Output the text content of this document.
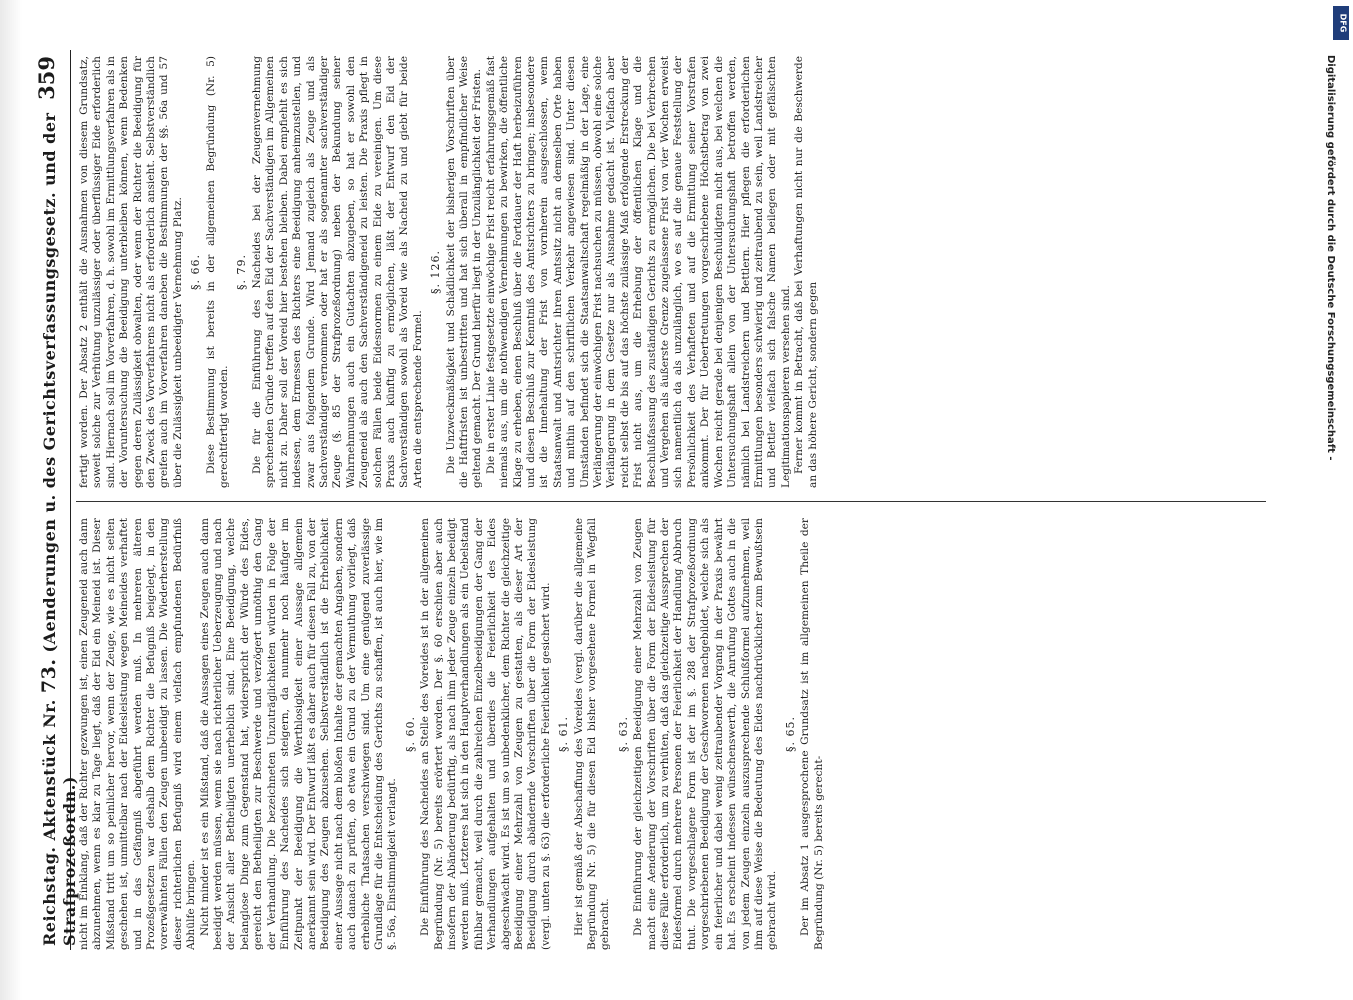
Reichstag. Aktenstück Nr. 73. (Aenderungen u. des Gerichtsverfassungsgesetz. und der Strafprozeßordn.)
359

nicht im Einklang, daß der Richter gezwungen ist, einen Zeugeneid auch dann abzunehmen, wenn es klar zu Tage liegt, daß der Eid ein Meineid ist. Dieser Mißstand tritt um so peinlicher hervor, wenn der Zeuge, wie es nicht selten geschehen ist, unmittelbar nach der Eidesleistung wegen Meineides verhaftet und in das Gefängniß abgeführt werden muß. In mehreren älteren Prozeßgesetzen war deshalb dem Richter die Befugniß beigelegt, in den vorerwähnten Fällen den Zeugen unbeeidigt zu lassen. Die Wiederherstellung dieser richterlichen Befugniß wird einem vielfach empfundenen Bedürfniß Abhülfe bringen. Nicht minder ist es ein Mißstand, daß die Aussagen eines Zeugen auch dann beeidigt werden müssen, wenn sie nach richterlicher Ueberzeugung und nach der Ansicht aller Betheiligten unerheblich sind. Eine Beeidigung, welche belanglose Dinge zum Gegenstand hat, widerspricht der Würde des Eides, gereicht den Betheiligten zur Beschwerde und verzögert unnöthig den Gang der Verhandlung. Die bezeichneten Unzuträglichkeiten würden in Folge der Einführung des Nacheides sich steigern, da nunmehr noch häufiger im Zeitpunkt der Beeidigung die Werthlosigkeit einer Aussage allgemein anerkannt sein wird. Der Entwurf läßt es daher auch für diesen Fall zu, von der Beeidigung des Zeugen abzusehen. Selbstverständlich ist die Erheblichkeit einer Aussage nicht nach dem bloßen Inhalte der gemachten Angaben, sondern auch danach zu prüfen, ob etwa ein Grund zu der Vermuthung vorliegt, daß erhebliche Thatsachen verschwiegen sind. Um eine genügend zuverlässige Grundlage für die Entscheidung des Gerichts zu schaffen, ist auch hier, wie im §. 56a, Einstimmigkeit verlangt.

§. 60. Die Einführung des Nacheides an Stelle des Voreides ist in der allgemeinen Begründung (Nr. 5) bereits erörtert worden. Der §. 60 erschien aber auch insofern der Abänderung bedürftig, als nach ihm jeder Zeuge einzeln beeidigt werden muß. Letzteres hat sich in den Hauptverhandlungen als ein Uebelstand fühlbar gemacht, weil durch die zahlreichen Einzelbeeidigungen der Gang der Verhandlungen aufgehalten und überdies die Feierlichkeit des Eides abgeschwächt wird. Es ist um so unbedenklicher, dem Richter die gleichzeitige Beeidigung einer Mehrzahl von Zeugen zu gestatten, als dieser Art der Beeidigung durch abändernde Vorschriften über die Form der Eidesleistung (vergl. unten zu §. 63) die erforderliche Feierlichkeit gesichert wird. §. 61. Hier ist gemäß der Abschaffung des Voreides (vergl. darüber die allgemeine Begründung Nr. 5) die für diesen Eid bisher vorgesehene Formel in Wegfall gebracht.

§. 63. Die Einführung der gleichzeitigen Beeidigung einer Mehrzahl von Zeugen macht eine Aenderung der Vorschriften über die Form der Eidesleistung für diese Fälle erforderlich, um zu verhüten, daß das gleichzeitige Aussprechen der Eidesformel durch mehrere Personen der Feierlichkeit der Handlung Abbruch thut. Die vorgeschlagene Form ist der im §. 288 der Strafprozeßordnung vorgeschriebenen Beeidigung der Geschworenen nachgebildet, welche sich als ein feierlicher und dabei wenig zeitraubender Vorgang in der Praxis bewährt hat. Es erscheint indessen wünschenswerth, die Anrufung Gottes auch in die von jedem Zeugen einzeln auszusprechende Schlußformel aufzunehmen, weil ihm auf diese Weise die Bedeutung des Eides nachdrücklicher zum Bewußtsein gebracht wird.

§. 65. Der im Absatz 1 ausgesprochene Grundsatz ist im allgemeinen Theile der Begründung (Nr. 5) bereits gerecht-

fertigt worden. Der Absatz 2 enthält die Ausnahmen von diesem Grundsatz, soweit solche zur Verhütung unzulässiger oder überflüssiger Eide erforderlich sind. Hiernach soll im Vorverfahren, d. h. sowohl im Ermittlungsverfahren als in der Voruntersuchung die Beeidigung unterbleiben können, wenn Bedenken gegen deren Zulässigkeit obwalten, oder wenn der Richter die Beeidigung für den Zweck des Vorverfahrens nicht als erforderlich ansieht. Selbstverständlich greifen auch im Vorverfahren daneben die Bestimmungen der §§. 56a und 57 über die Zulässigkeit unbeeidigter Vernehmung Platz. §. 66. Diese Bestimmung ist bereits in der allgemeinen Begründung (Nr. 5) gerechtfertigt worden.

§. 79. Die für die Einführung des Nacheides bei der Zeugenvernehmung sprechenden Gründe treffen auf den Eid der Sachverständigen im Allgemeinen nicht zu. Daher soll der Voreid hier bestehen bleiben. Dabei empfiehlt es sich indessen, dem Ermessen des Richters eine Beeidigung anheimzustellen, und zwar aus folgendem Grunde. Wird Jemand zugleich als Zeuge und als Sachverständiger vernommen oder hat er als sogenannter sachverständiger Zeuge (§. 85 der Strafprozeßordnung) neben der Bekundung seiner Wahrnehmungen auch ein Gutachten abzugeben, so hat er sowohl den Zeugeneid als auch den Sachverständigeneid zu leisten. Die Praxis pflegt in solchen Fällen beide Eidesnormen zu einem Eide zu vereinigen. Um diese Praxis auch künftig zu ermöglichen, läßt der Entwurf den Eid der Sachverständigen sowohl als Voreid wie als Nacheid zu und giebt für beide Arten die entsprechende Formel.

§. 126. Die Unzweckmäßigkeit und Schädlichkeit der bisherigen Vorschriften über die Haftfristen ist unbestritten und hat sich überall in empfindlicher Weise geltend gemacht. Der Grund hierfür liegt in der Unzulänglichkeit der Fristen. Die in erster Linie festgesetzte einwöchige Frist reicht erfahrungsgemäß fast niemals aus, um die nothwendigen Vernehmungen zu bewirken, die öffentliche Klage zu erheben, einen Beschluß über die Fortdauer der Haft herbeizuführen und diesen Beschluß zur Kenntniß des Amtsrichters zu bringen; insbesondere ist die Innehaltung der Frist von vornherein ausgeschlossen, wenn Staatsanwalt und Amtsrichter ihren Amtssitz nicht an demselben Orte haben und mithin auf den schriftlichen Verkehr angewiesen sind. Unter diesen Umständen befindet sich die Staatsanwaltschaft regelmäßig in der Lage, eine Verlängerung der einwöchigen Frist nachsuchen zu müssen, obwohl eine solche Verlängerung in dem Gesetze nur als Ausnahme gedacht ist. Vielfach aber reicht selbst die bis auf das höchste zulässige Maß erfolgende Erstreckung der Frist nicht aus, um die Erhebung der öffentlichen Klage und die Beschlußfassung des zuständigen Gerichts zu ermöglichen. Die bei Verbrechen und Vergehen als äußerste Grenze zugelassene Frist von vier Wochen erweist sich namentlich da als unzulänglich, wo es auf die genaue Feststellung der Persönlichkeit des Verhafteten und auf die Ermittlung seiner Vorstrafen ankommt. Der für Uebertretungen vorgeschriebene Höchstbetrag von zwei Wochen reicht gerade bei denjenigen Beschuldigten nicht aus, bei welchen die Untersuchungshaft allein von der Untersuchungshaft betroffen werden, nämlich bei Landstreichern und Bettlern. Hier pflegen die erforderlichen Ermittlungen besonders schwierig und zeitraubend zu sein, weil Landstreicher und Bettler vielfach sich falsche Namen beilegen oder mit gefälschten Legitimationspapieren versehen sind. Ferner kommt in Betracht, daß bei Verhaftungen nicht nur die Beschwerde an das höhere Gericht, sondern gegen	Digitalisierung gefördert durch die Deutsche Forschungsgemeinschaft -
DFG
